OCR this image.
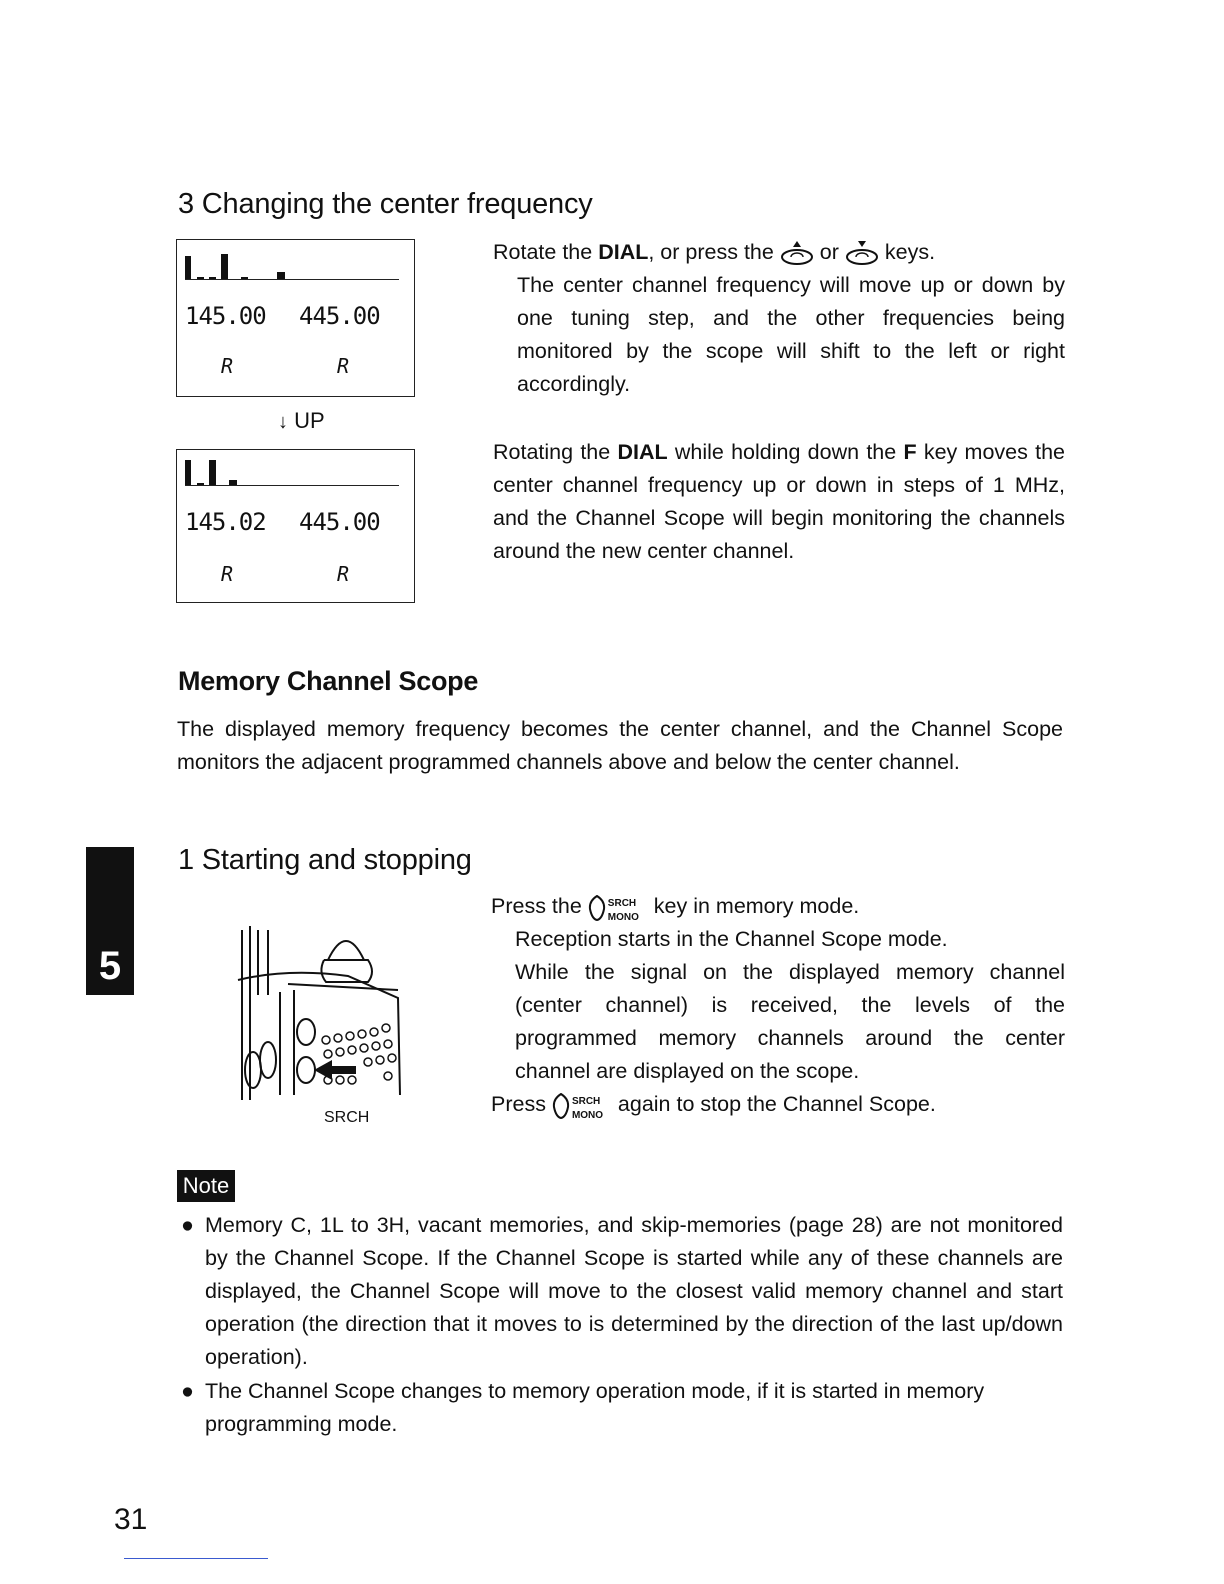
3 Changing the center frequency
145.00 445.00
R	R
↓ UP
145.02 445.00
R	R

Rotate the DIAL, or press the  or  keys.

The center channel frequency will move up or down by one tuning step, and the other frequencies being monitored by the scope will shift to the left or right accordingly.

Rotating the DIAL while holding down the F key moves the center channel frequency up or down in steps of 1 MHz, and the Channel Scope will begin monitoring the channels around the new center channel.
Memory Channel Scope

The displayed memory frequency becomes the center channel, and the Channel Scope monitors the adjacent programmed channels above and below the center channel.

5
1 Starting and stopping
SRCH

Press the SRCH
MONO key in memory mode.

Reception starts in the Channel Scope mode.

While the signal on the displayed memory channel (center channel) is received, the levels of the programmed memory channels around the center channel are displayed on the scope.

Press SRCH
MONO again to stop the Channel Scope.

Note
● Memory C, 1L to 3H, vacant memories, and skip-memories (page 28) are not monitored by the Channel Scope. If the Channel Scope is started while any of these channels are displayed, the Channel Scope will move to the closest valid memory channel and start operation (the direction that it moves to is determined by the direction of the last up/down operation).
● The Channel Scope changes to memory operation mode, if it is started in memory programming mode.
31
